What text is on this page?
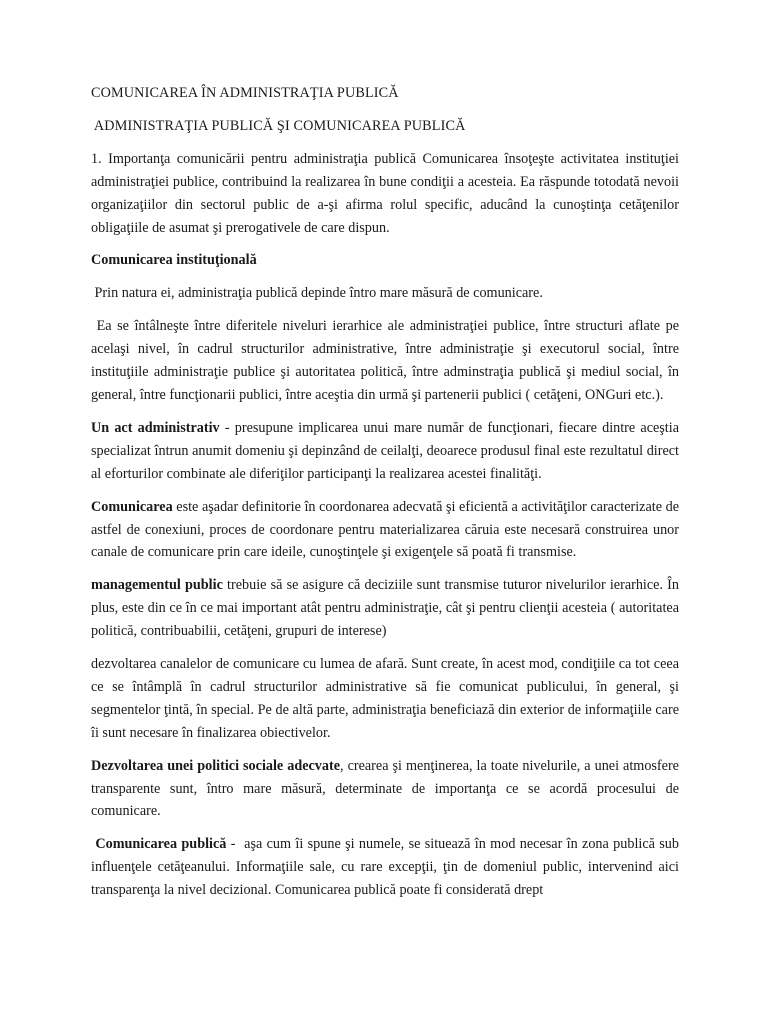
COMUNICAREA ÎN ADMINISTRAŢIA PUBLICĂ
ADMINISTRAŢIA PUBLICĂ ŞI COMUNICAREA PUBLICĂ

1. Importanţa comunicării pentru administraţia publică Comunicarea însoţeşte activitatea instituţiei administraţiei publice, contribuind la realizarea în bune condiţii a acesteia. Ea răspunde totodată nevoii organizaţiilor din sectorul public de a-şi afirma rolul specific, aducând la cunoştinţa cetăţenilor obligaţiile de asumat şi prerogativele de care dispun.

Comunicarea instituţională

Prin natura ei, administraţia publică depinde întro mare măsură de comunicare.

Ea se întâlneşte între diferitele niveluri ierarhice ale administraţiei publice, între structuri aflate pe acelaşi nivel, în cadrul structurilor administrative, între administraţie şi executorul social, între instituţiile administraţie publice şi autoritatea politică, între adminstraţia publică şi mediul social, în general, între funcţionarii publici, între aceştia din urmă şi partenerii publici ( cetăţeni, ONGuri etc.).

Un act administrativ - presupune implicarea unui mare număr de funcţionari, fiecare dintre aceştia specializat întrun anumit domeniu şi depinzând de ceilalţi, deoarece produsul final este rezultatul direct al eforturilor combinate ale diferiţilor participanţi la realizarea acestei finalităţi.

Comunicarea este aşadar definitorie în coordonarea adecvată şi eficientă a activităţilor caracterizate de astfel de conexiuni, proces de coordonare pentru materializarea căruia este necesară construirea unor canale de comunicare prin care ideile, cunoştinţele şi exigenţele să poată fi transmise.

managementul public trebuie să se asigure că deciziile sunt transmise tuturor nivelurilor ierarhice. În plus, este din ce în ce mai important atât pentru administraţie, cât şi pentru clienţii acesteia ( autoritatea politică, contribuabilii, cetăţeni, grupuri de interese)

dezvoltarea canalelor de comunicare cu lumea de afară. Sunt create, în acest mod, condiţiile ca tot ceea ce se întâmplă în cadrul structurilor administrative să fie comunicat publicului, în general, şi segmentelor ţintă, în special. Pe de altă parte, administraţia beneficiază din exterior de informaţiile care îi sunt necesare în finalizarea obiectivelor.

Dezvoltarea unei politici sociale adecvate, crearea şi menţinerea, la toate nivelurile, a unei atmosfere transparente sunt, întro mare măsură, determinate de importanţa ce se acordă procesului de comunicare.

Comunicarea publică -  aşa cum îi spune şi numele, se situează în mod necesar în zona publică sub influenţele cetăţeanului. Informaţiile sale, cu rare excepţii, ţin de domeniul public, intervenind aici transparenţa la nivel decizional. Comunicarea publică poate fi considerată drept
